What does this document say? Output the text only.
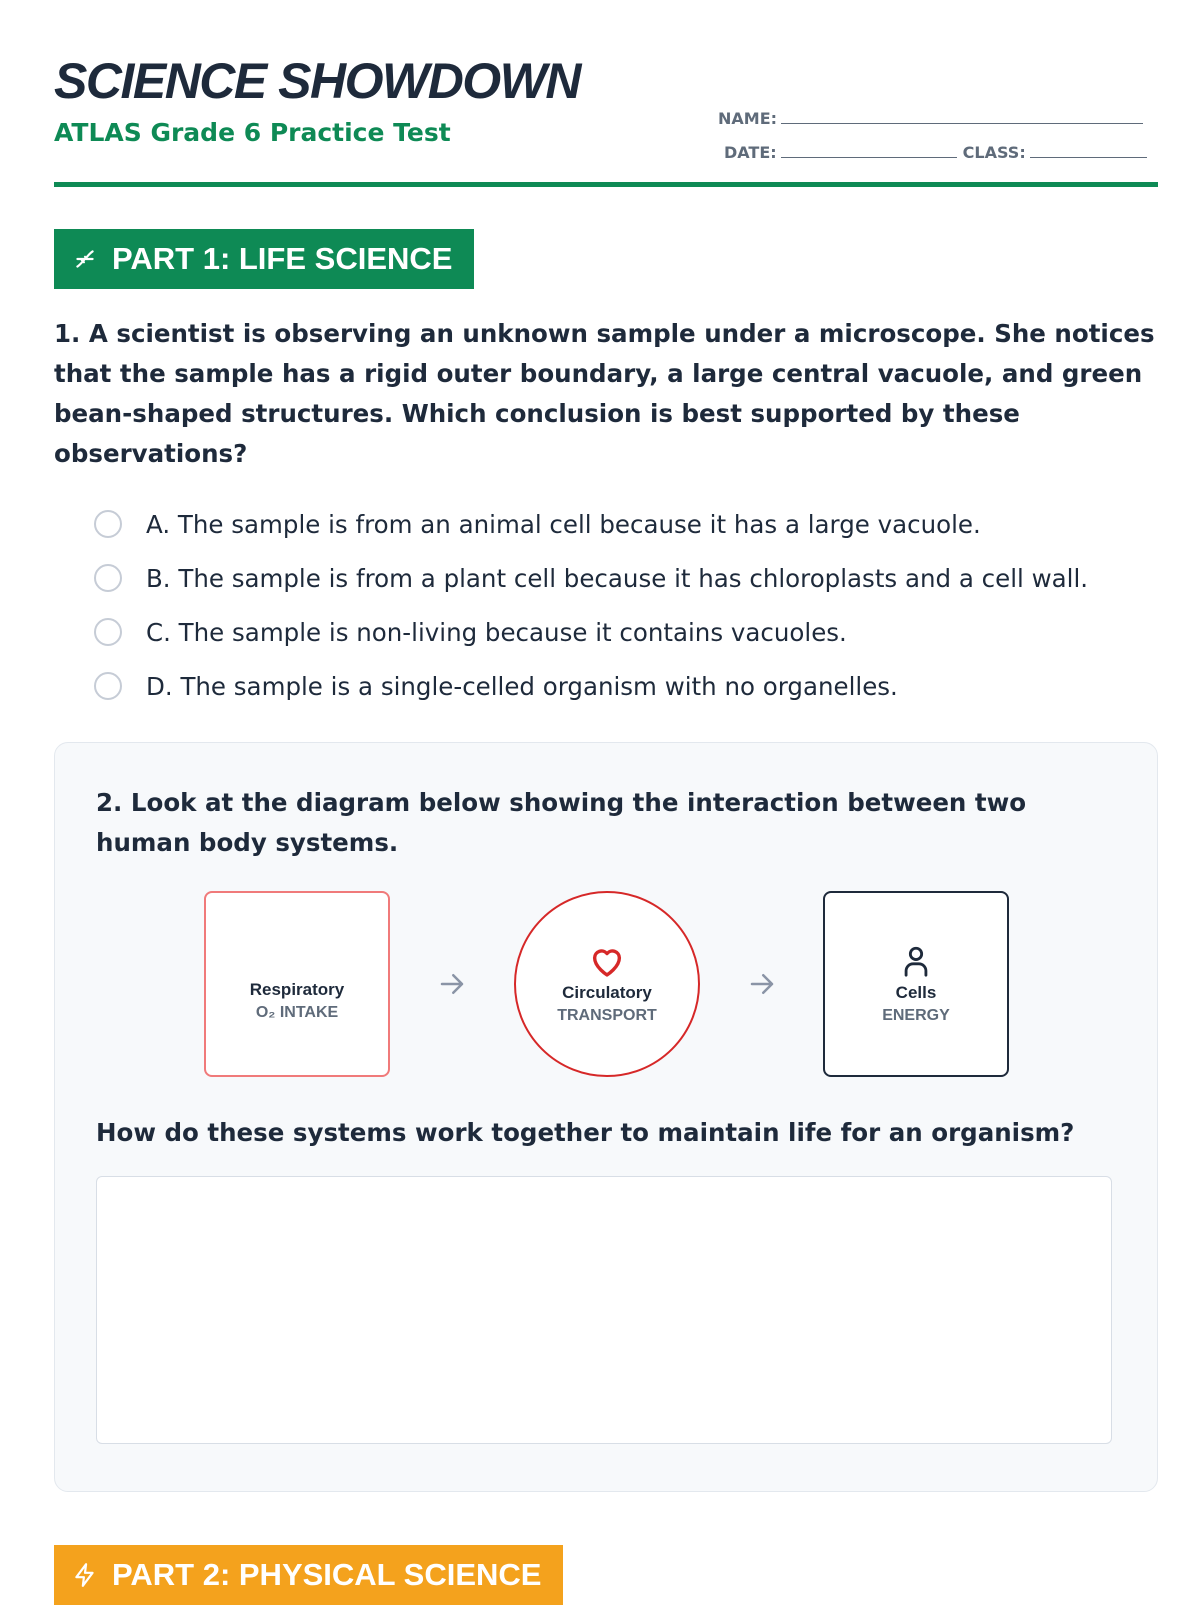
SCIENCE SHOWDOWN
ATLAS Grade 6 Practice Test	NAME:
DATE:	CLASS:
PART 1: LIFE SCIENCE

1. A scientist is observing an unknown sample under a microscope. She notices that the sample has a rigid outer boundary, a large central vacuole, and green bean-shaped structures. Which conclusion is best supported by these observations?

A. The sample is from an animal cell because it has a large vacuole.
B. The sample is from a plant cell because it has chloroplasts and a cell wall.
C. The sample is non-living because it contains vacuoles.
D. The sample is a single-celled organism with no organelles.

2. Look at the diagram below showing the interaction between two human body systems.

Respiratory
O₂ INTAKE
Circulatory
TRANSPORT
Cells
ENERGY

How do these systems work together to maintain life for an organism?

PART 2: PHYSICAL SCIENCE
